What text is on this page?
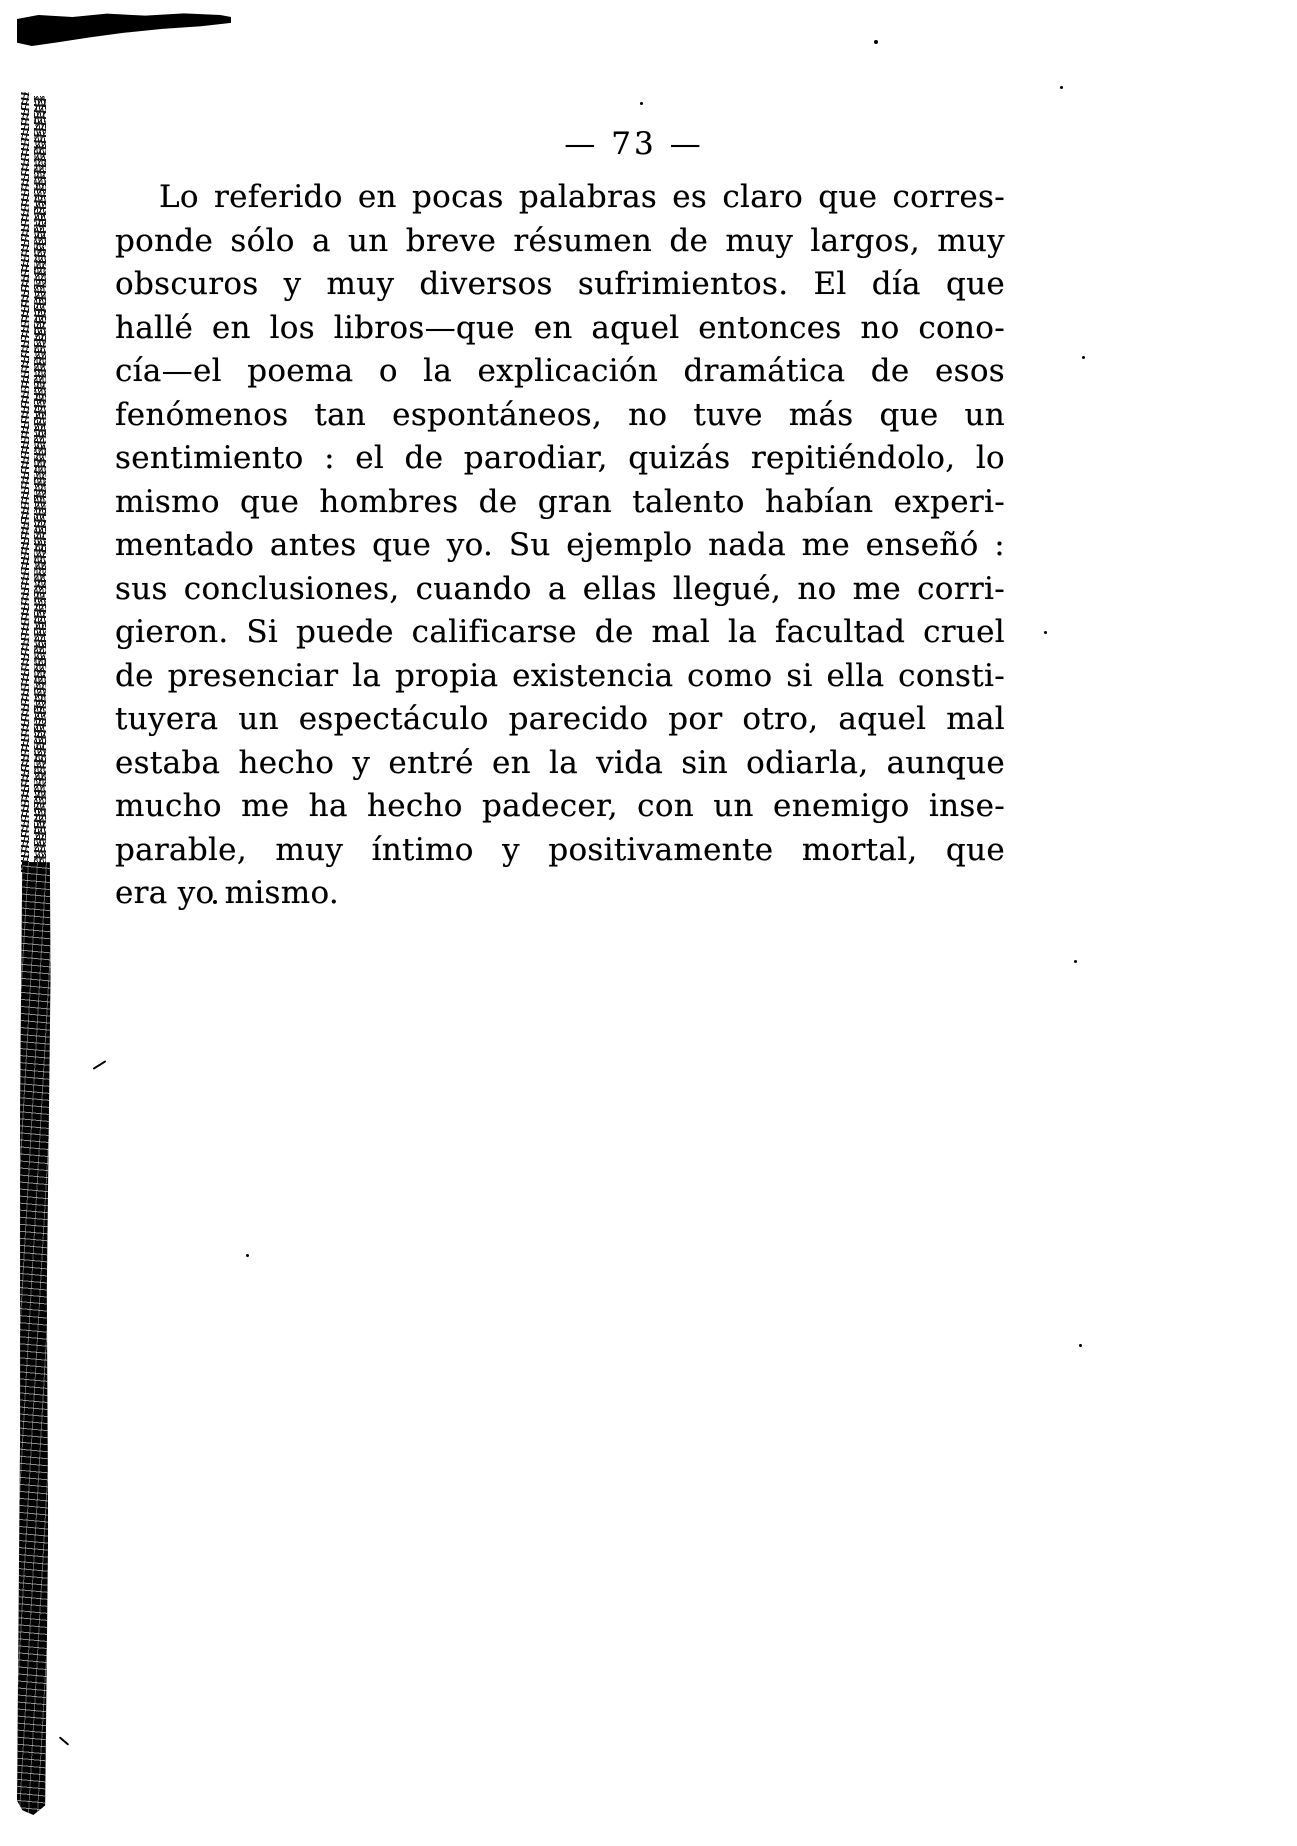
— 73 —
Lo referido en pocas palabras es claro que corres-
ponde sólo a un breve résumen de muy largos, muy
obscuros y muy diversos sufrimientos. El día que
hallé en los libros—que en aquel entonces no cono-
cía—el poema o la explicación dramática de esos
fenómenos tan espontáneos, no tuve más que un
sentimiento : el de parodiar, quizás repitiéndolo, lo
mismo que hombres de gran talento habían experi-
mentado antes que yo. Su ejemplo nada me enseñó :
sus conclusiones, cuando a ellas llegué, no me corri-
gieron. Si puede calificarse de mal la facultad cruel
de presenciar la propia existencia como si ella consti-
tuyera un espectáculo parecido por otro, aquel mal
estaba hecho y entré en la vida sin odiarla, aunque
mucho me ha hecho padecer, con un enemigo inse-
parable, muy íntimo y positivamente mortal, que
era yo mismo.
